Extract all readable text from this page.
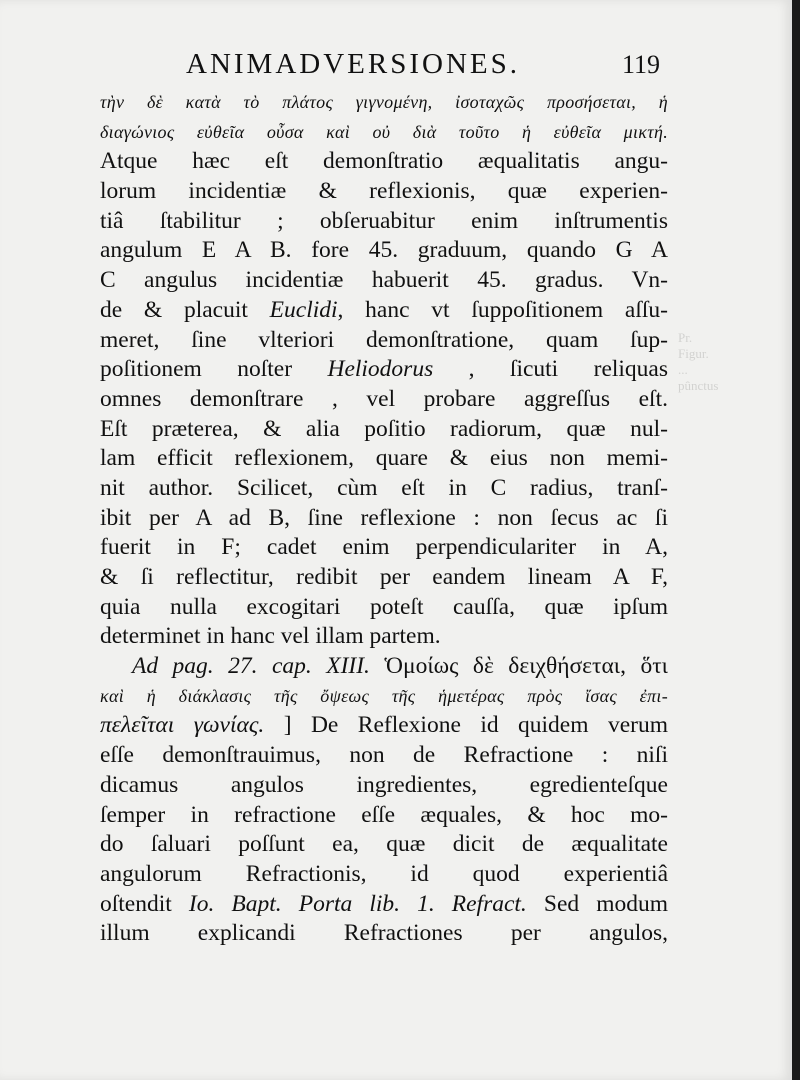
ANIMADVERSIONES.	119
τὴν δὲ κατὰ τὸ πλάτος γιγνομένη, ἰσοταχῶς προσήσεται, ἡ
διαγώνιος εὐθεῖα οὖσα καὶ οὐ διὰ τοῦτο ἡ εὐθεῖα μικτή.
Atque hæc eſt demonſtratio æqualitatis angu-
lorum incidentiæ & reflexionis, quæ experien-
tiâ ſtabilitur ; obſeruabitur enim inſtrumentis
angulum E A B. fore 45. graduum, quando G A
C angulus incidentiæ habuerit 45. gradus. Vn-
de & placuit Euclidi, hanc vt ſuppoſitionem aſſu-
meret, ſine vlteriori demonſtratione, quam ſup-
poſitionem noſter Heliodorus , ſicuti reliquas
omnes demonſtrare , vel probare aggreſſus eſt.
Eſt præterea, & alia poſitio radiorum, quæ nul-
lam efficit reflexionem, quare & eius non memi-
nit author. Scilicet, cùm eſt in C radius, tranſ-
ibit per A ad B, ſine reflexione : non ſecus ac ſi
fuerit in F; cadet enim perpendiculariter in A,
& ſi reflectitur, redibit per eandem lineam A F,
quia nulla excogitari poteſt cauſſa, quæ ipſum
determinet in hanc vel illam partem.
Ad pag. 27. cap. XIII. Ὁμοίως δὲ δειχθήσεται, ὅτι
καὶ ἡ διάκλασις τῆς ὄψεως τῆς ἡμετέρας πρὸς ἴσας ἐπι-
πελεῖται γωνίας. ] De Reflexione id quidem verum
eſſe demonſtrauimus, non de Refractione : niſi
dicamus angulos ingredientes, egredienteſque
ſemper in refractione eſſe æquales, & hoc mo-
do ſaluari poſſunt ea, quæ dicit de æqualitate
angulorum Refractionis, id quod experientiâ
oſtendit Io. Bapt. Porta lib. 1. Refract. Sed modum
illum explicandi Refractiones per angulos,
Pr.
Figur.
...
pûnctus
